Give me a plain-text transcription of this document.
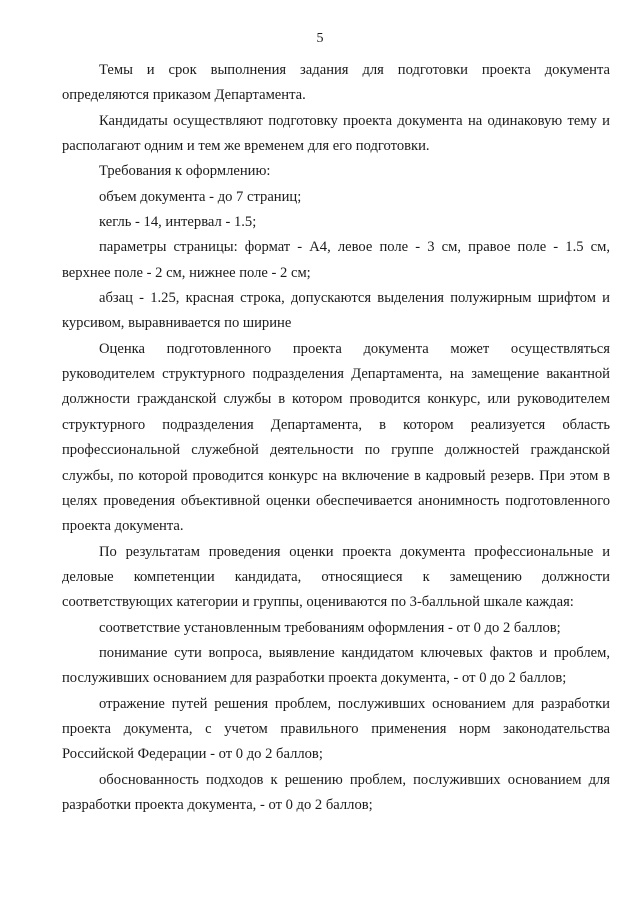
5

Темы и срок выполнения задания для подготовки проекта документа определяются приказом Департамента.

Кандидаты осуществляют подготовку проекта документа на одинаковую тему и располагают одним и тем же временем для его подготовки.

Требования к оформлению:

объем документа - до 7 страниц;

кегль - 14, интервал - 1.5;

параметры страницы: формат - А4, левое поле - 3 см, правое поле - 1.5 см, верхнее поле - 2 см, нижнее поле - 2 см;

абзац - 1.25, красная строка, допускаются выделения полужирным шрифтом и курсивом, выравнивается по ширине

Оценка подготовленного проекта документа может осуществляться руководителем структурного подразделения Департамента, на замещение вакантной должности гражданской службы в котором проводится конкурс, или руководителем структурного подразделения Департамента, в котором реализуется область профессиональной служебной деятельности по группе должностей гражданской службы, по которой проводится конкурс на включение в кадровый резерв. При этом в целях проведения объективной оценки обеспечивается анонимность подготовленного проекта документа.

По результатам проведения оценки проекта документа профессиональные и деловые компетенции кандидата, относящиеся к замещению должности соответствующих категории и группы, оцениваются по 3-балльной шкале каждая:

соответствие установленным требованиям оформления - от 0 до 2 баллов;

понимание сути вопроса, выявление кандидатом ключевых фактов и проблем, послуживших основанием для разработки проекта документа, - от 0 до 2 баллов;

отражение путей решения проблем, послуживших основанием для разработки проекта документа, с учетом правильного применения норм законодательства Российской Федерации - от 0 до 2 баллов;

обоснованность подходов к решению проблем, послуживших основанием для разработки проекта документа, - от 0 до 2 баллов;
